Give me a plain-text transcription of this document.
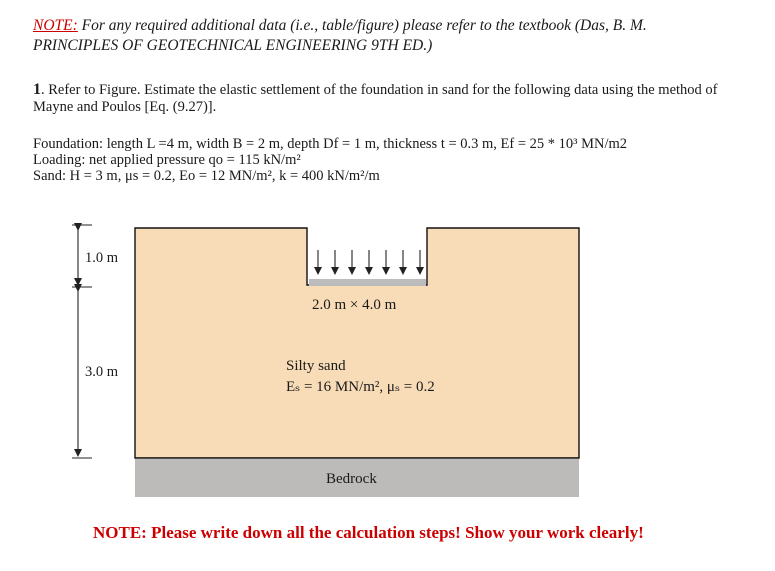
NOTE: For any required additional data (i.e., table/figure) please refer to the textbook (Das, B. M.
PRINCIPLES OF GEOTECHNICAL ENGINEERING 9TH ED.)
1. Refer to Figure. Estimate the elastic settlement of the foundation in sand for the following data using the method of Mayne and Poulos [Eq. (9.27)].
Foundation: length L =4 m, width B = 2 m, depth Df = 1 m, thickness t = 0.3 m, Ef = 25 * 10³ MN/m2
Loading: net applied pressure qo = 115 kN/m²
Sand: H = 3 m, μs = 0.2, Eo = 12 MN/m², k = 400 kN/m²/m
1.0 m
3.0 m
2.0 m × 4.0 m
Silty sand
Eₛ = 16 MN/m², μₛ = 0.2
Bedrock
NOTE: Please write down all the calculation steps! Show your work clearly!
